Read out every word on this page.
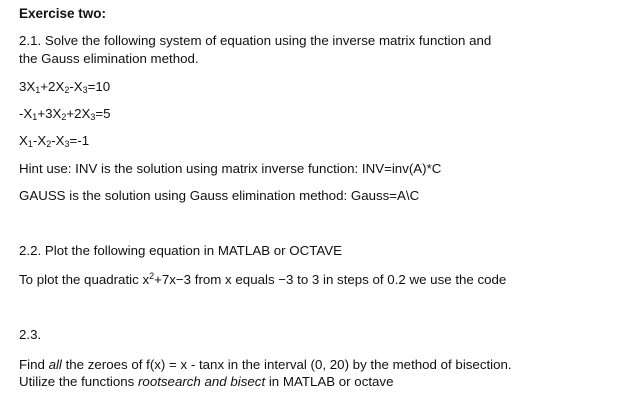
Exercise two:
2.1. Solve the following system of equation using the inverse matrix function and
the Gauss elimination method.
$3X_1+2X_2-X_3=10$
$-X_1+3X_2+2X_3=5$
$X_1-X_2-X_3=-1$
Hint use: INV is the solution using matrix inverse function: INV=inv(A)*C
GAUSS is the solution using Gauss elimination method: Gauss=A\C
2.2. Plot the following equation in MATLAB or OCTAVE
To plot the quadratic $x^2+7x-3$ from x equals −3 to 3 in steps of 0.2 we use the code
2.3.
Find all the zeroes of f(x) = x - tanx in the interval (0, 20) by the method of bisection.
Utilize the functions rootsearch and bisect in MATLAB or octave
